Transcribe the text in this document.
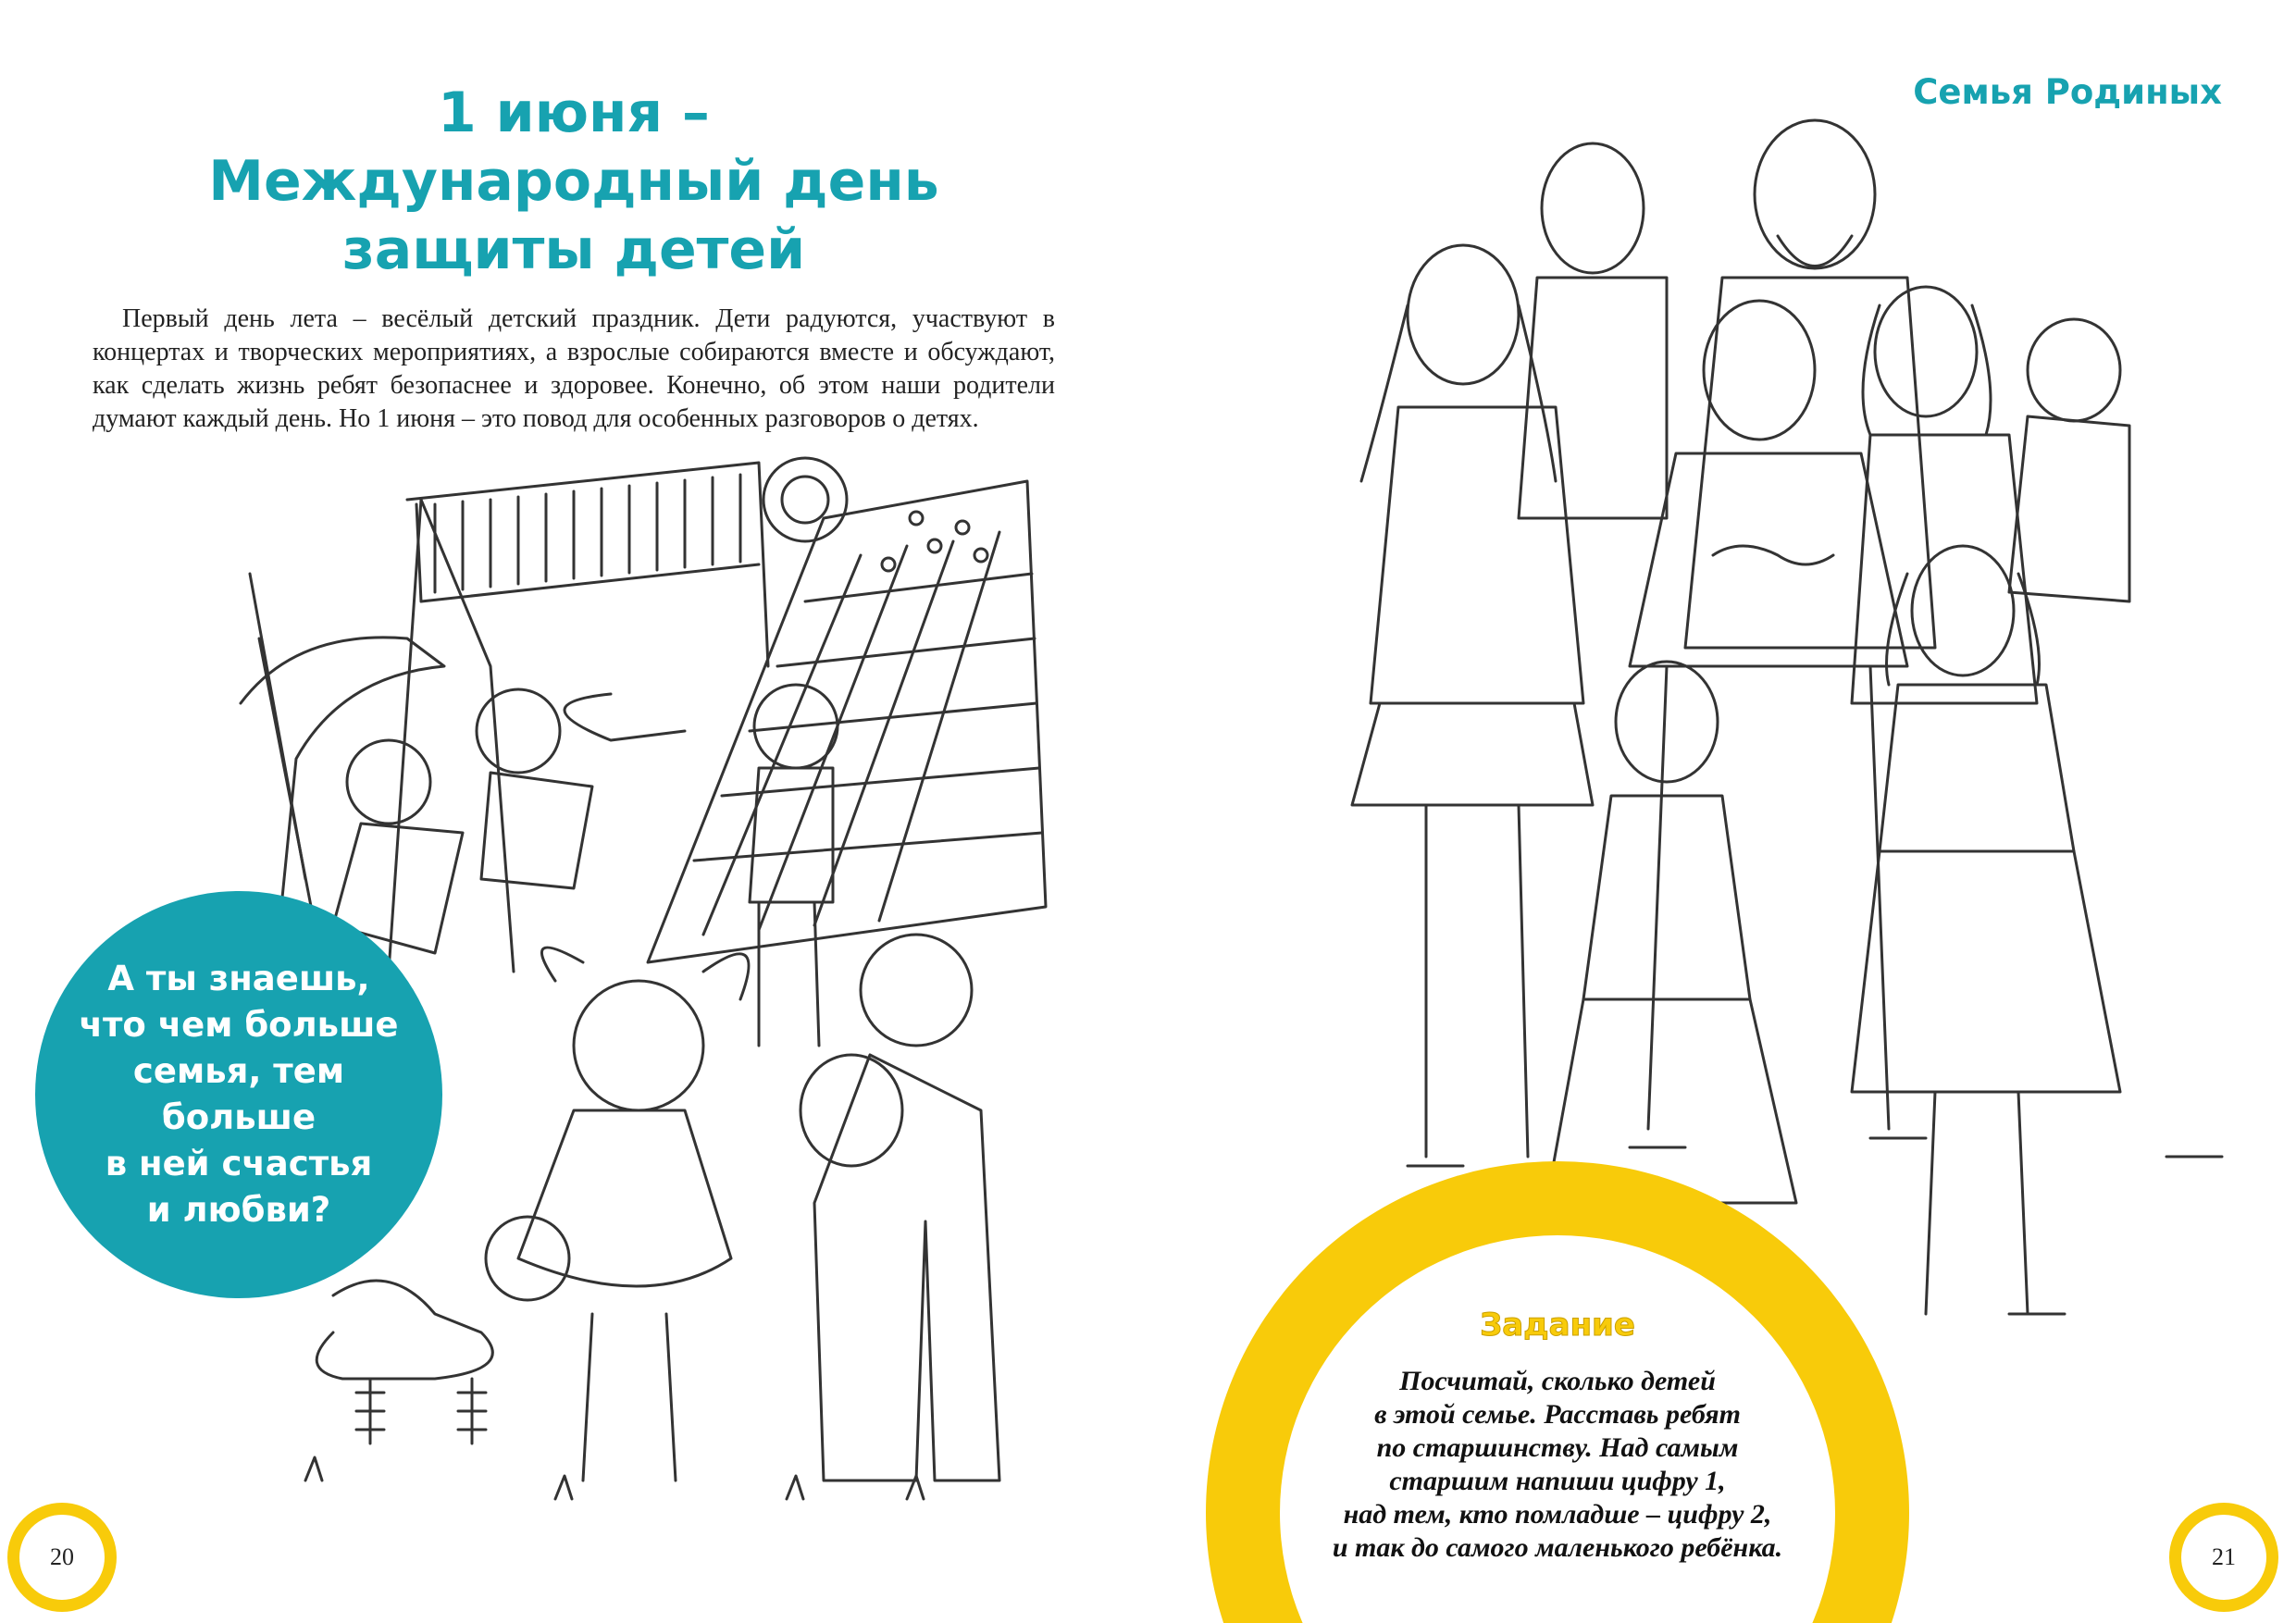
1 июня –
Международный день
защиты детей

Первый день лета – весёлый детский праздник. Дети радуются, участвуют в концертах и творческих мероприятиях, а взрослые собираются вместе и обсуждают, как сделать жизнь ребят безопаснее и здоровее. Конечно, об этом наши родители думают каждый день. Но 1 июня – это повод для особенных разговоров о детях.

А ты знаешь,
что чем больше
семья, тем больше
в ней счастья
и любви?
20
Семья Родиных
Задание
Посчитай, сколько детей
в этой семье. Расставь ребят
по старшинству. Над самым
старшим напиши цифру 1,
над тем, кто помладше – цифру 2,
и так до самого маленького ребёнка.	21
